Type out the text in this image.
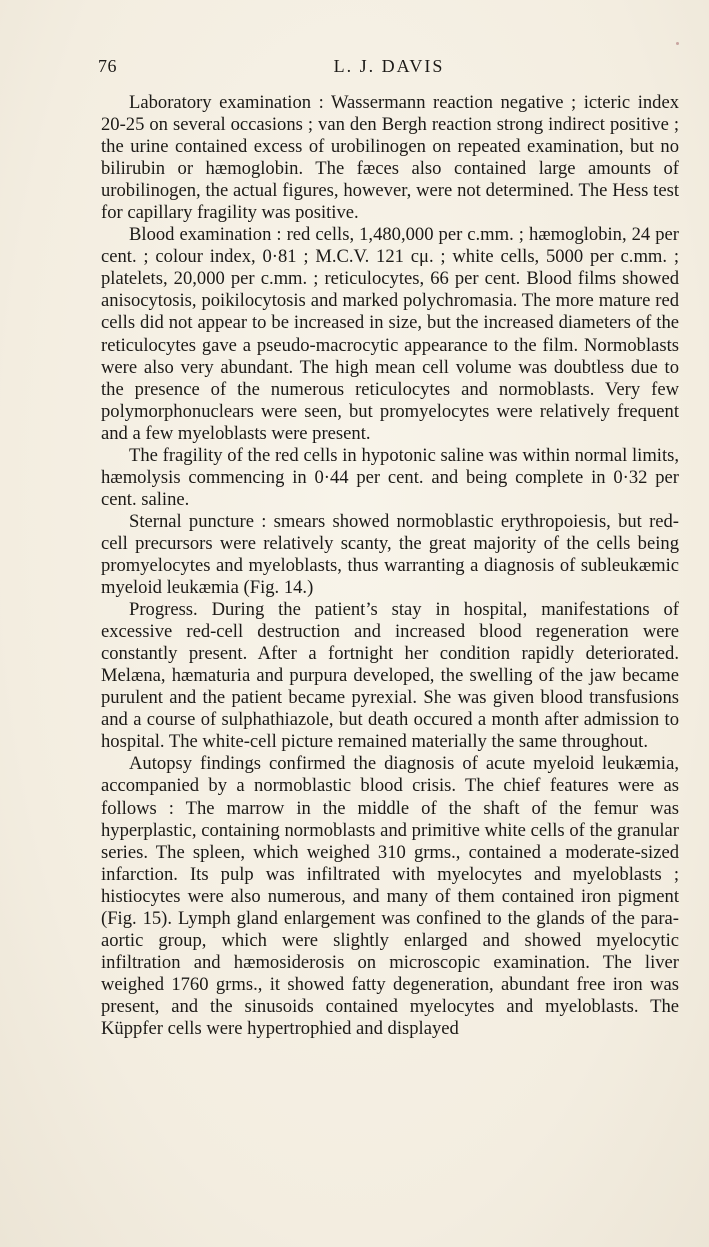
76	L. J. DAVIS

Laboratory examination : Wassermann reaction negative ; icteric index 20-25 on several occasions ; van den Bergh reaction strong indirect positive ; the urine contained excess of urobilinogen on repeated examination, but no bilirubin or hæmoglobin. The fæces also contained large amounts of urobilinogen, the actual figures, however, were not determined. The Hess test for capillary fragility was positive.

Blood examination : red cells, 1,480,000 per c.mm. ; hæmoglobin, 24 per cent. ; colour index, 0·81 ; M.C.V. 121 cμ. ; white cells, 5000 per c.mm. ; platelets, 20,000 per c.mm. ; reticulocytes, 66 per cent. Blood films showed anisocytosis, poikilocytosis and marked polychromasia. The more mature red cells did not appear to be increased in size, but the increased diameters of the reticulocytes gave a pseudo-macrocytic appearance to the film. Normoblasts were also very abundant. The high mean cell volume was doubtless due to the presence of the numerous reticulocytes and normoblasts. Very few polymorphonuclears were seen, but promyelocytes were relatively frequent and a few myeloblasts were present.

The fragility of the red cells in hypotonic saline was within normal limits, hæmolysis commencing in 0·44 per cent. and being complete in 0·32 per cent. saline.

Sternal puncture : smears showed normoblastic erythropoiesis, but red-cell precursors were relatively scanty, the great majority of the cells being promyelocytes and myeloblasts, thus warranting a diagnosis of subleukæmic myeloid leukæmia (Fig. 14.)

Progress. During the patient’s stay in hospital, manifestations of excessive red-cell destruction and increased blood regeneration were constantly present. After a fortnight her condition rapidly deteriorated. Melæna, hæmaturia and purpura developed, the swelling of the jaw became purulent and the patient became pyrexial. She was given blood transfusions and a course of sulphathiazole, but death occured a month after admission to hospital. The white-cell picture remained materially the same throughout.

Autopsy findings confirmed the diagnosis of acute myeloid leukæmia, accompanied by a normoblastic blood crisis. The chief features were as follows : The marrow in the middle of the shaft of the femur was hyperplastic, containing normoblasts and primitive white cells of the granular series. The spleen, which weighed 310 grms., contained a moderate-sized infarction. Its pulp was infiltrated with myelocytes and myeloblasts ; histiocytes were also numerous, and many of them contained iron pigment (Fig. 15). Lymph gland enlargement was confined to the glands of the para-aortic group, which were slightly enlarged and showed myelocytic infiltration and hæmosiderosis on microscopic examination. The liver weighed 1760 grms., it showed fatty degeneration, abundant free iron was present, and the sinusoids contained myelocytes and myeloblasts. The Küppfer cells were hypertrophied and displayed
